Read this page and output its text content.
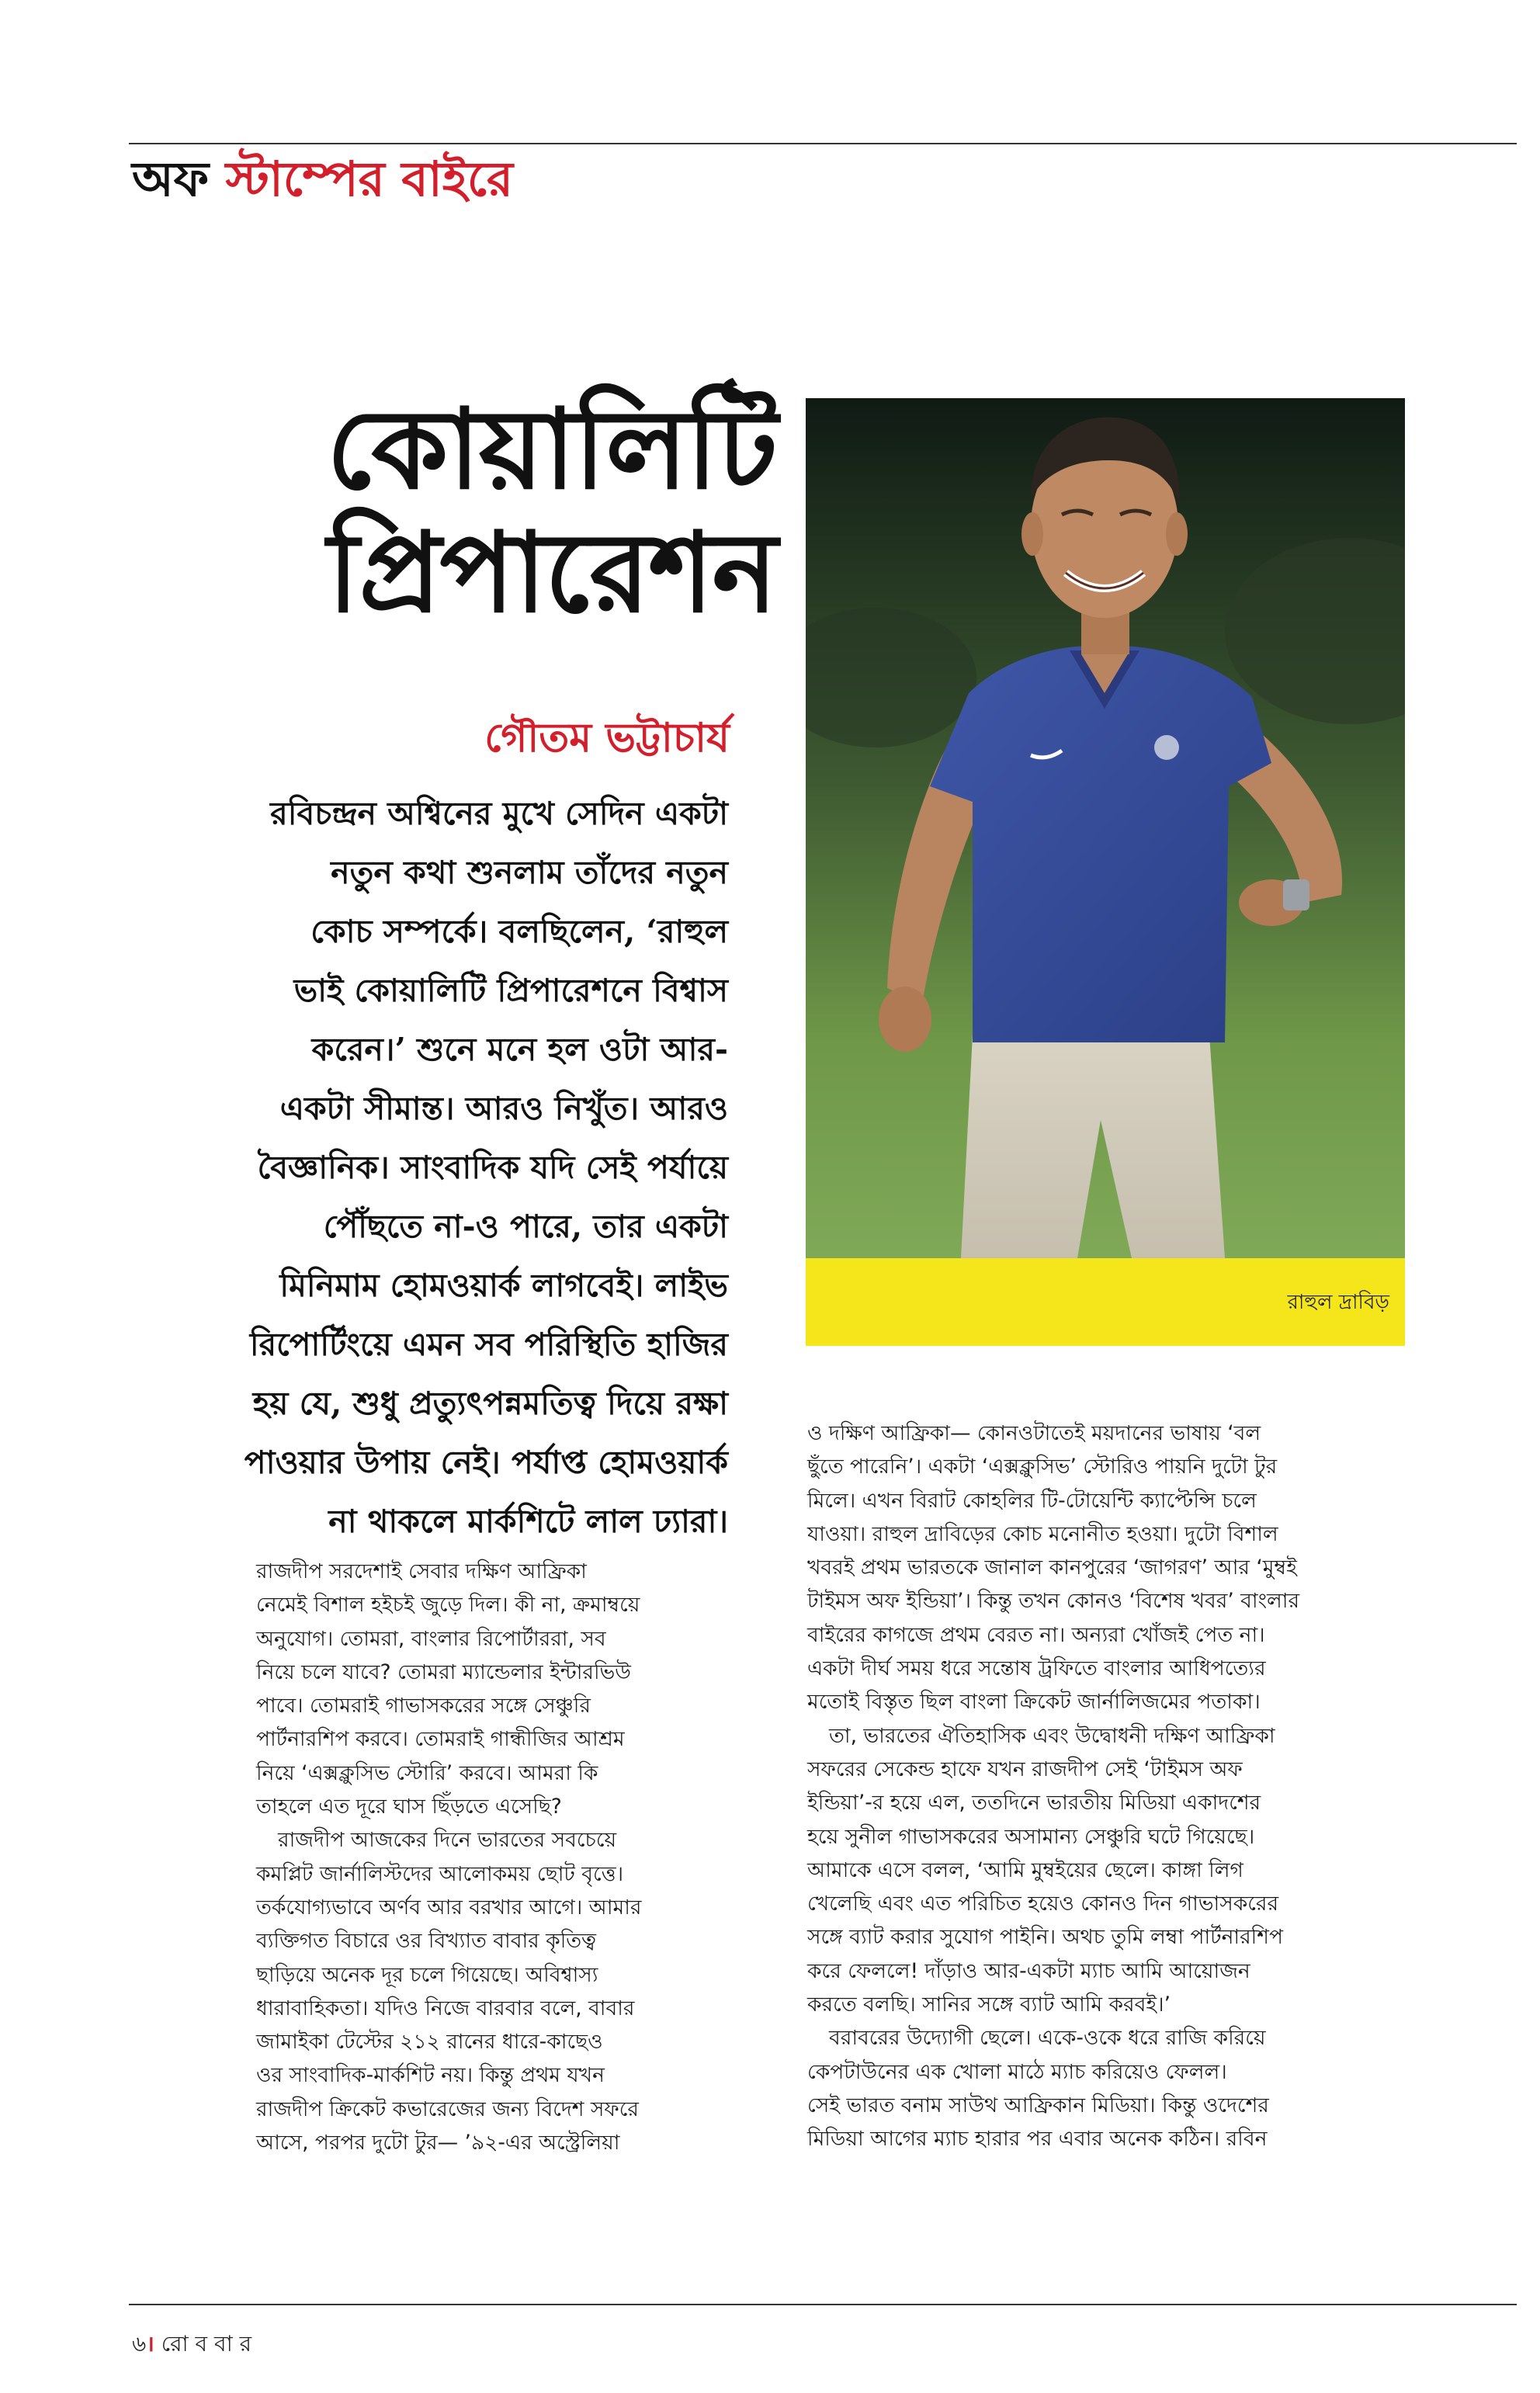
অফ স্টাম্পের বাইরে
কোয়ালিটি
প্রিপারেশন
গৌতম ভট্টাচার্য
রবিচন্দ্রন অশ্বিনের মুখে সেদিন একটা
নতুন কথা শুনলাম তাঁদের নতুন
কোচ সম্পর্কে। বলছিলেন, ‘রাহুল
ভাই কোয়ালিটি প্রিপারেশনে বিশ্বাস
করেন।’ শুনে মনে হল ওটা আর-
একটা সীমান্ত। আরও নিখুঁত। আরও
বৈজ্ঞানিক। সাংবাদিক যদি সেই পর্যায়ে
পৌঁছতে না-ও পারে, তার একটা
মিনিমাম হোমওয়ার্ক লাগবেই। লাইভ
রিপোর্টিংয়ে এমন সব পরিস্থিতি হাজির
হয় যে, শুধু প্রত্যুৎপন্নমতিত্ব দিয়ে রক্ষা
পাওয়ার উপায় নেই। পর্যাপ্ত হোমওয়ার্ক
না থাকলে মার্কশিটে লাল ঢ্যারা।
রাহুল দ্রাবিড়
রাজদীপ সরদেশাই সেবার দক্ষিণ আফ্রিকা
নেমেই বিশাল হইচই জুড়ে দিল। কী না, ক্রমাম্বয়ে
অনুযোগ। তোমরা, বাংলার রিপোর্টাররা, সব
নিয়ে চলে যাবে? তোমরা ম্যান্ডেলার ইন্টারভিউ
পাবে। তোমরাই গাভাসকরের সঙ্গে সেঞ্চুরি
পার্টনারশিপ করবে। তোমরাই গান্ধীজির আশ্রম
নিয়ে ‘এক্সক্লুসিভ স্টোরি’ করবে। আমরা কি
তাহলে এত দূরে ঘাস ছিঁড়তে এসেছি?
রাজদীপ আজকের দিনে ভারতের সবচেয়ে
কমপ্লিট জার্নালিস্টদের আলোকময় ছোট বৃত্তে।
তর্কযোগ্যভাবে অর্ণব আর বরখার আগে। আমার
ব্যক্তিগত বিচারে ওর বিখ্যাত বাবার কৃতিত্ব
ছাড়িয়ে অনেক দূর চলে গিয়েছে। অবিশ্বাস্য
ধারাবাহিকতা। যদিও নিজে বারবার বলে, বাবার
জামাইকা টেস্টের ২১২ রানের ধারে-কাছেও
ওর সাংবাদিক-মার্কশিট নয়। কিন্তু প্রথম যখন
রাজদীপ ক্রিকেট কভারেজের জন্য বিদেশ সফরে
আসে, পরপর দুটো টুর— ’৯২-এর অস্ট্রেলিয়া
ও দক্ষিণ আফ্রিকা— কোনওটাতেই ময়দানের ভাষায় ‘বল
ছুঁতে পারেনি’। একটা ‘এক্সক্লুসিভ’ স্টোরিও পায়নি দুটো টুর
মিলে। এখন বিরাট কোহলির টি-টোয়েন্টি ক্যাপ্টেন্সি চলে
যাওয়া। রাহুল দ্রাবিড়ের কোচ মনোনীত হওয়া। দুটো বিশাল
খবরই প্রথম ভারতকে জানাল কানপুরের ‘জাগরণ’ আর ‘মুম্বই
টাইমস অফ ইন্ডিয়া’। কিন্তু তখন কোনও ‘বিশেষ খবর’ বাংলার
বাইরের কাগজে প্রথম বেরত না। অন্যরা খোঁজই পেত না।
একটা দীর্ঘ সময় ধরে সন্তোষ ট্রফিতে বাংলার আধিপত্যের
মতোই বিস্তৃত ছিল বাংলা ক্রিকেট জার্নালিজমের পতাকা।
তা, ভারতের ঐতিহাসিক এবং উদ্বোধনী দক্ষিণ আফ্রিকা
সফরের সেকেন্ড হাফে যখন রাজদীপ সেই ‘টাইমস অফ
ইন্ডিয়া’-র হয়ে এল, ততদিনে ভারতীয় মিডিয়া একাদশের
হয়ে সুনীল গাভাসকরের অসামান্য সেঞ্চুরি ঘটে গিয়েছে।
আমাকে এসে বলল, ‘আমি মুম্বইয়ের ছেলে। কাঙ্গা লিগ
খেলেছি এবং এত পরিচিত হয়েও কোনও দিন গাভাসকরের
সঙ্গে ব্যাট করার সুযোগ পাইনি। অথচ তুমি লম্বা পার্টনারশিপ
করে ফেললে! দাঁড়াও আর-একটা ম্যাচ আমি আয়োজন
করতে বলছি। সানির সঙ্গে ব্যাট আমি করবই।’
বরাবরের উদ্যোগী ছেলে। একে-ওকে ধরে রাজি করিয়ে
কেপটাউনের এক খোলা মাঠে ম্যাচ করিয়েও ফেলল।
সেই ভারত বনাম সাউথ আফ্রিকান মিডিয়া। কিন্তু ওদেশের
মিডিয়া আগের ম্যাচ হারার পর এবার অনেক কঠিন। রবিন
৬। রো ব বা র
